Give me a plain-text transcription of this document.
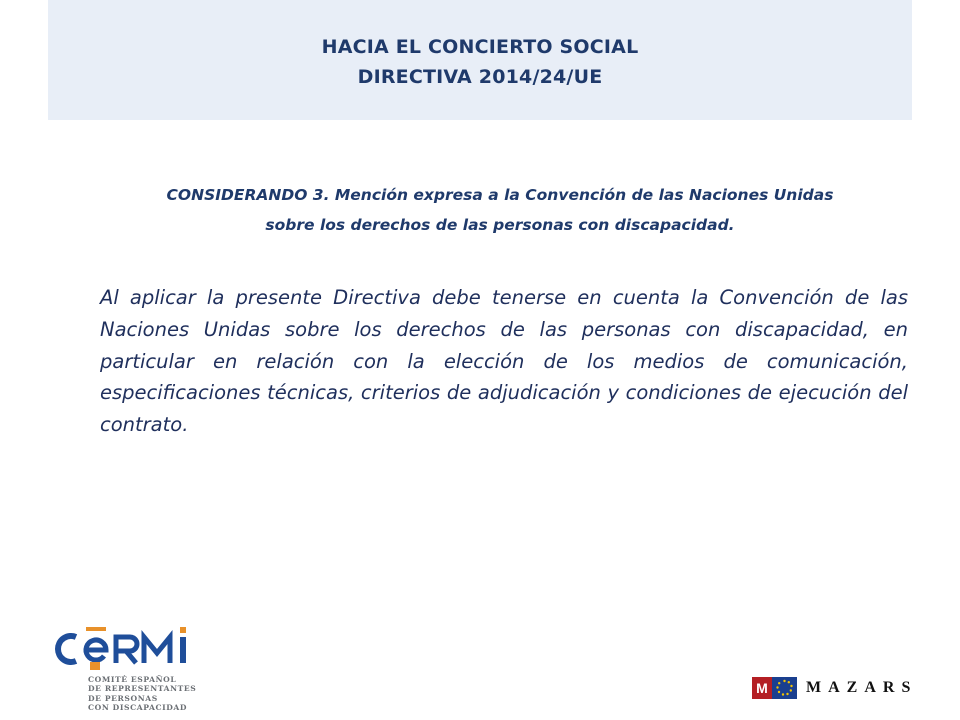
HACIA EL CONCIERTO SOCIAL
DIRECTIVA 2014/24/UE
CONSIDERANDO 3. Mención expresa a la Convención de las Naciones Unidas
sobre los derechos de las personas con discapacidad.
Al aplicar la presente Directiva debe tenerse en cuenta la Convención de las Naciones Unidas sobre los derechos de las personas con discapacidad, en particular en relación con la elección de los medios de comunicación, especificaciones técnicas, criterios de adjudicación y condiciones de ejecución del contrato.
COMITÉ ESPAÑOL
DE REPRESENTANTES
DE PERSONAS
CON DISCAPACIDAD
M MAZARS
